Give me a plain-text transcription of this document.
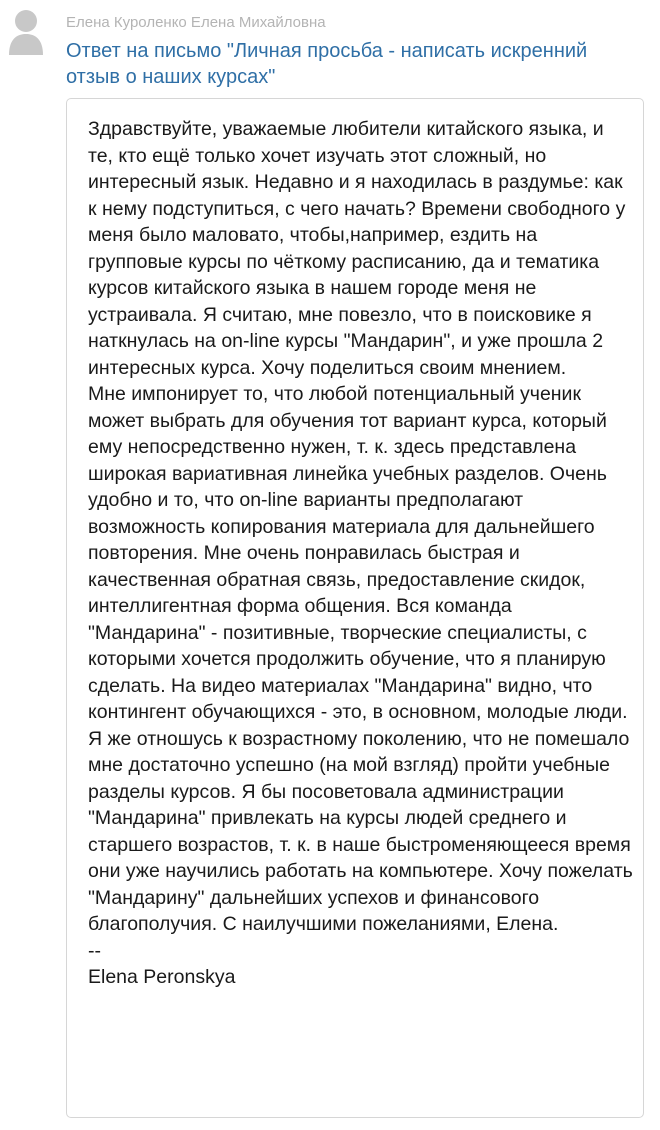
Елена Куроленко Елена Михайловна
Ответ на письмо "Личная просьба - написать искренний отзыв о наших курсах"
Здравствуйте, уважаемые любители китайского языка, и те, кто ещё только хочет изучать этот сложный, но интересный язык. Недавно и я находилась в раздумье: как к нему подступиться, с чего начать? Времени свободного у меня было маловато, чтобы,например, ездить на групповые курсы по чёткому расписанию, да и тематика курсов китайского языка в нашем городе меня не устраивала. Я считаю, мне повезло, что в поисковике я наткнулась на on-line курсы "Мандарин", и уже прошла 2 интересных курса. Хочу поделиться своим мнением.
Мне импонирует то, что любой потенциальный ученик может выбрать для обучения тот вариант курса, который ему непосредственно нужен, т. к. здесь представлена широкая вариативная линейка учебных разделов. Очень удобно и то, что on-line варианты предполагают возможность копирования материала для дальнейшего повторения. Мне очень понравилась быстрая и качественная обратная связь, предоставление скидок, интеллигентная форма общения. Вся команда "Мандарина" - позитивные, творческие специалисты, с которыми хочется продолжить обучение, что я планирую сделать. На видео материалах "Мандарина" видно, что контингент обучающихся - это, в основном, молодые люди. Я же отношусь к возрастному поколению, что не помешало мне достаточно успешно (на мой взгляд) пройти учебные разделы курсов. Я бы посоветовала администрации "Мандарина" привлекать на курсы людей среднего и старшего возрастов, т. к. в наше быстроменяющееся время они уже научились работать на компьютере. Хочу пожелать "Мандарину" дальнейших успехов и финансового благополучия. С наилучшими пожеланиями, Елена.
--
Elena Peronskya
